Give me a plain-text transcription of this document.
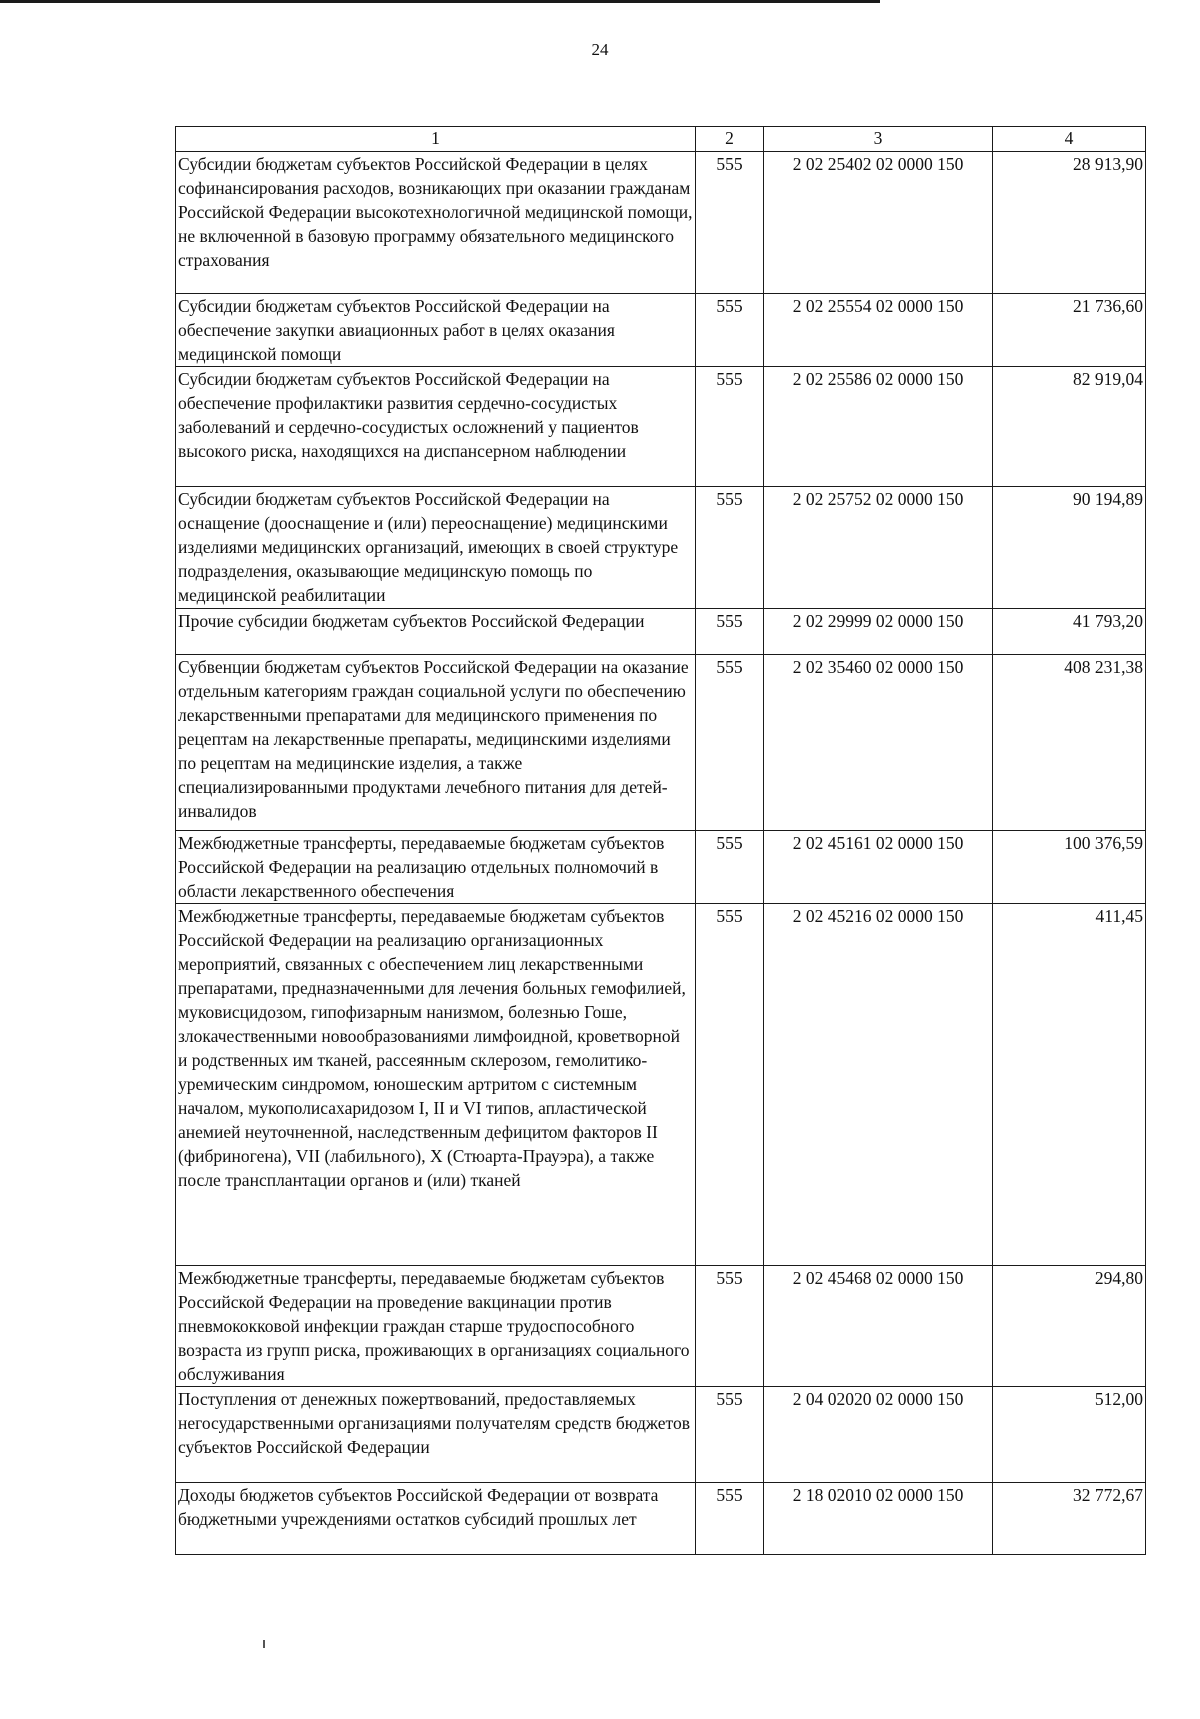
24
1	2	3	4
Субсидии бюджетам субъектов Российской Федерации в целях софинансирования расходов, возникающих при оказании гражданам Российской Федерации высокотехнологичной медицинской помощи, не включенной в базовую программу обязательного медицинского страхования	555	2 02 25402 02 0000 150	28 913,90
Субсидии бюджетам субъектов Российской Федерации на обеспечение закупки авиационных работ в целях оказания медицинской помощи	555	2 02 25554 02 0000 150	21 736,60
Субсидии бюджетам субъектов Российской Федерации на обеспечение профилактики развития сердечно-сосудистых заболеваний и сердечно-сосудистых осложнений у пациентов высокого риска, находящихся на диспансерном наблюдении	555	2 02 25586 02 0000 150	82 919,04
Субсидии бюджетам субъектов Российской Федерации на оснащение (дооснащение и (или) переоснащение) медицинскими изделиями медицинских организаций, имеющих в своей структуре подразделения, оказывающие медицинскую помощь по медицинской реабилитации	555	2 02 25752 02 0000 150	90 194,89
Прочие субсидии бюджетам субъектов Российской Федерации	555	2 02 29999 02 0000 150	41 793,20
Субвенции бюджетам субъектов Российской Федерации на оказание отдельным категориям граждан социальной услуги по обеспечению лекарственными препаратами для медицинского применения по рецептам на лекарственные препараты, медицинскими изделиями по рецептам на медицинские изделия, а также специализированными продуктами лечебного питания для детей-инвалидов	555	2 02 35460 02 0000 150	408 231,38
Межбюджетные трансферты, передаваемые бюджетам субъектов Российской Федерации на реализацию отдельных полномочий в области лекарственного обеспечения	555	2 02 45161 02 0000 150	100 376,59
Межбюджетные трансферты, передаваемые бюджетам субъектов Российской Федерации на реализацию организационных мероприятий, связанных с обеспечением лиц лекарственными препаратами, предназначенными для лечения больных гемофилией, муковисцидозом, гипофизарным нанизмом, болезнью Гоше, злокачественными новообразованиями лимфоидной, кроветворной и родственных им тканей, рассеянным склерозом, гемолитико-уремическим синдромом, юношеским артритом с системным началом, мукополисахаридозом I, II и VI типов, апластической анемией неуточненной, наследственным дефицитом факторов II (фибриногена), VII (лабильного), X (Стюарта-Прауэра), а также после трансплантации органов и (или) тканей	555	2 02 45216 02 0000 150	411,45
Межбюджетные трансферты, передаваемые бюджетам субъектов Российской Федерации на проведение вакцинации против пневмококковой инфекции граждан старше трудоспособного возраста из групп риска, проживающих в организациях социального обслуживания	555	2 02 45468 02 0000 150	294,80
Поступления от денежных пожертвований, предоставляемых негосударственными организациями получателям средств бюджетов субъектов Российской Федерации	555	2 04 02020 02 0000 150	512,00
Доходы бюджетов субъектов Российской Федерации от возврата бюджетными учреждениями остатков субсидий прошлых лет	555	2 18 02010 02 0000 150	32 772,67
